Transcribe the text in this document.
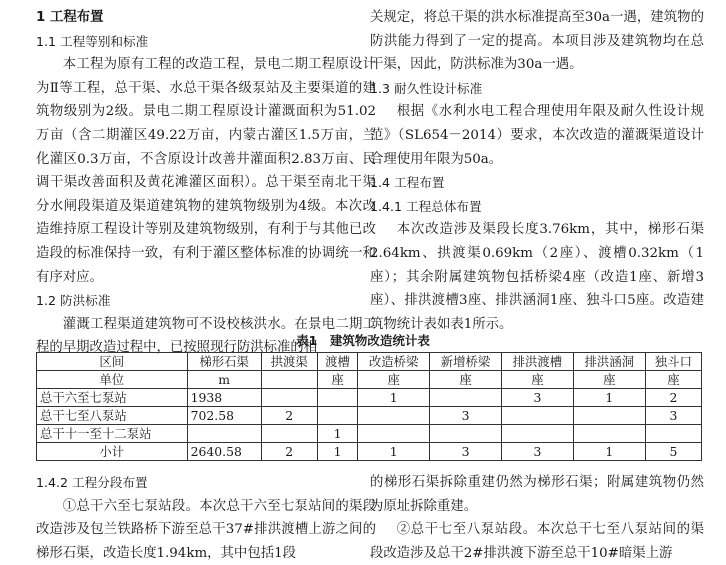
1 工程布置
1.1 工程等别和标准

本工程为原有工程的改造工程，景电二期工程原设计为Ⅱ等工程，总干渠、水总干渠各级泵站及主要渠道的建筑物级别为2级。景电二期工程原设计灌溉面积为51.02万亩（含二期灌区49.22万亩，内蒙古灌区1.5万亩，兰化灌区0.3万亩，不含原设计改善井灌面积2.83万亩、民调干渠改善面积及黄花滩灌区面积）。总干渠至南北干渠分水闸段渠道及渠道建筑物的建筑物级别为4级。本次改造维持原工程设计等别及建筑物级别，有利于与其他已改造段的标准保持一致，有利于灌区整体标准的协调统一和有序对应。

1.2 防洪标准

灌溉工程渠道建筑物可不设校核洪水。在景电二期工程的早期改造过程中，已按照现行防洪标准的相

关规定，将总干渠的洪水标准提高至30a一遇，建筑物的防洪能力得到了一定的提高。本项目涉及建筑物均在总干渠，因此，防洪标准为30a一遇。

1.3 耐久性设计标准

根据《水利水电工程合理使用年限及耐久性设计规范》（SL654－2014）要求，本次改造的灌溉渠道设计合理使用年限为50a。

1.4 工程布置
1.4.1 工程总体布置

本次改造涉及渠段长度3.76km，其中，梯形石渠2.64km、拱渡渠0.69km（2座）、渡槽0.32km（1座）；其余附属建筑物包括桥梁4座（改造1座、新增3座）、排洪渡槽3座、排洪涵洞1座、独斗口5座。改造建筑物统计表如表1所示。

表1　建筑物改造统计表
区间	梯形石渠	拱渡渠	渡槽	改造桥梁	新增桥梁	排洪渡槽	排洪涵洞	独斗口
单位	m		座	座	座	座	座	座
总干六至七泵站	1938			1		3	1	2
总干七至八泵站	702.58	2			3			3
总干十一至十二泵站			1					
小计	2640.58	2	1	1	3	3	1	5
1.4.2 工程分段布置

①总干六至七泵站段。本次总干六至七泵站间的渠段改造涉及包兰铁路桥下游至总干37#排洪渡槽上游之间的梯形石渠，改造长度1.94km，其中包括1段

的梯形石渠拆除重建仍然为梯形石渠；附属建筑物仍然为原址拆除重建。

②总干七至八泵站段。本次总干七至八泵站间的渠段改造涉及总干2#排洪渡下游至总干10#暗渠上游
